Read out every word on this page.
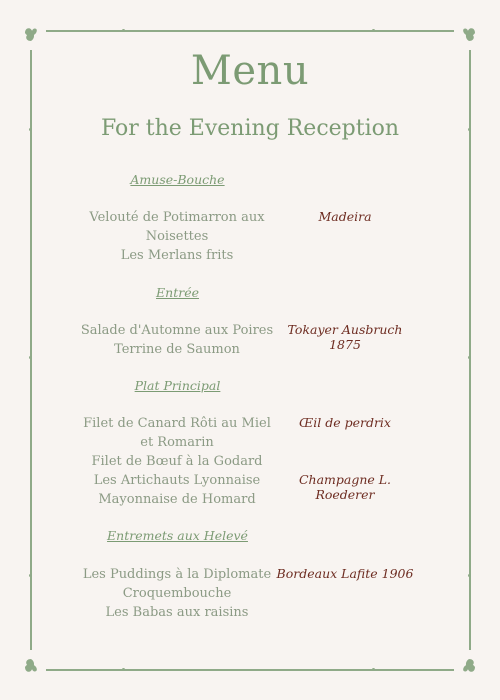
Menu
For the Evening Reception
Amuse-Bouche
Velouté de Potimarron aux Noisettes
Les Merlans frits
Madeira
Entrée
Salade d'Automne aux Poires
Terrine de Saumon
Tokayer Ausbruch 1875
Plat Principal
Filet de Canard Rôti au Miel et Romarin
Filet de Bœuf à la Godard
Les Artichauts Lyonnaise
Mayonnaise de Homard
Œil de perdrix
Champagne L. Roederer
Entremets aux Helevé
Les Puddings à la Diplomate
Croquembouche
Les Babas aux raisins
Bordeaux Lafite 1906
